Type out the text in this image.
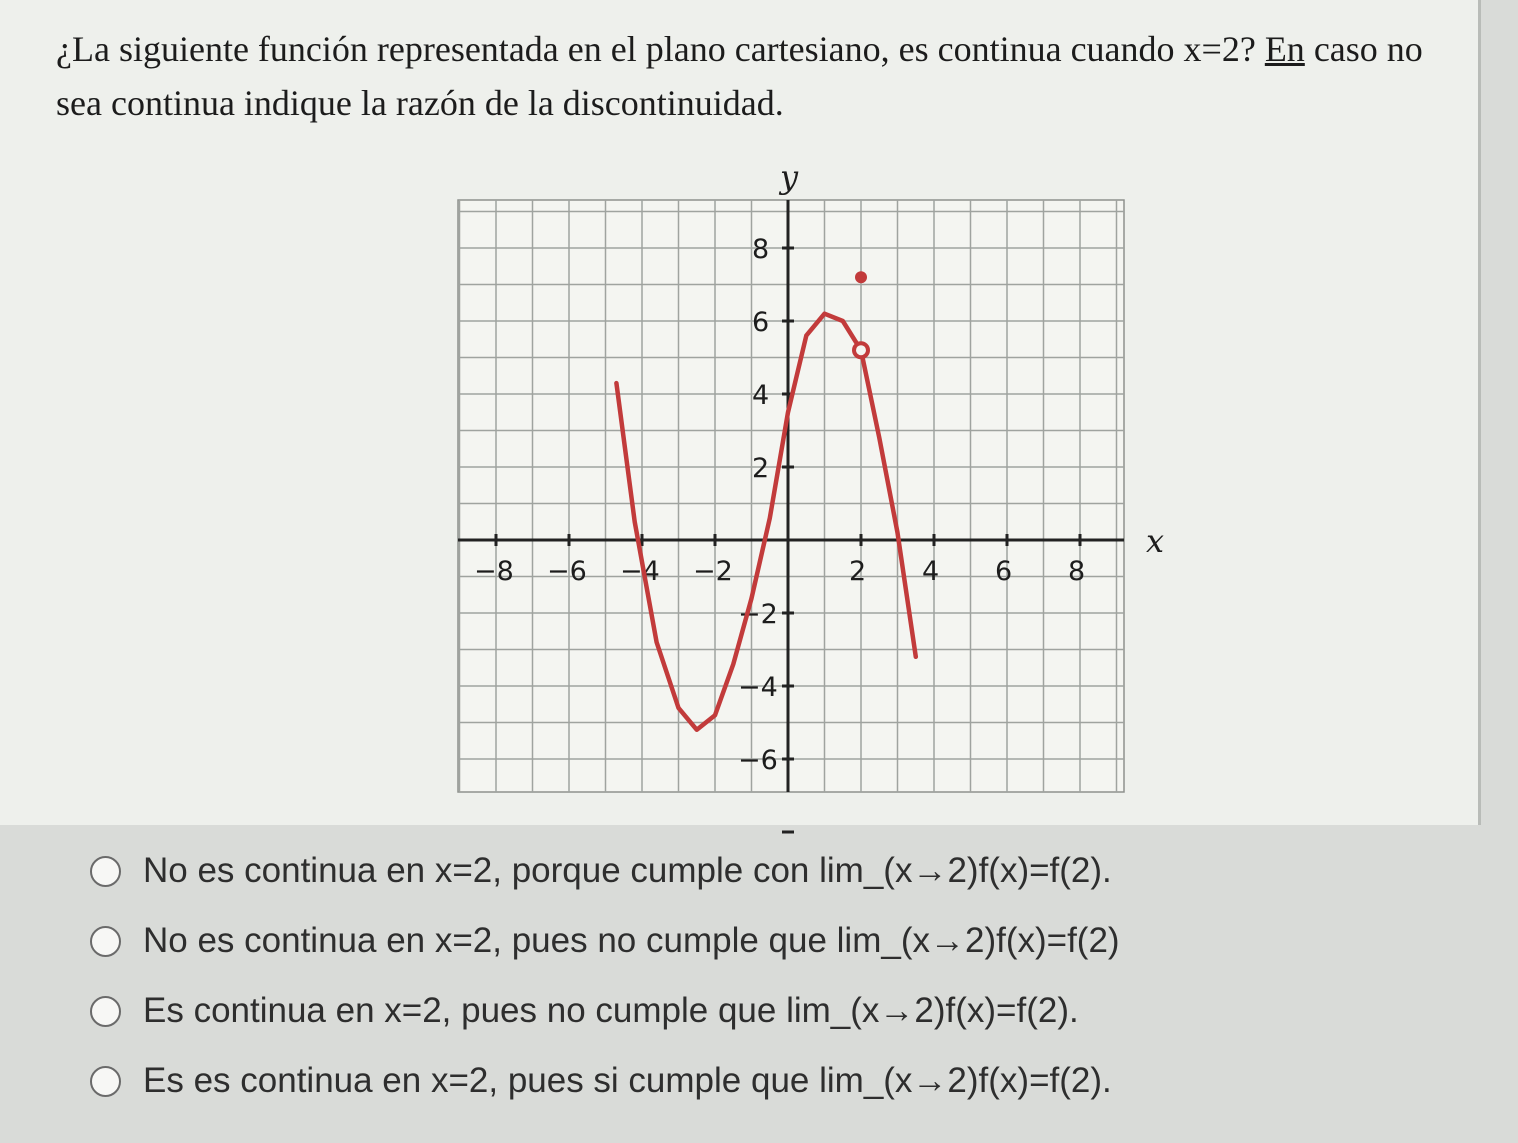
¿La siguiente función representada en el plano cartesiano, es continua cuando x=2? En caso no sea continua indique la razón de la discontinuidad.

−8 −6 −4 −2	2 4 6 8
8
6
4
2
−2
−4
−6
x
y
No es continua en x=2, porque cumple con lim_(x→2)f(x)=f(2).
No es continua en x=2, pues no cumple que lim_(x→2)f(x)=f(2)
Es continua en x=2, pues no cumple que lim_(x→2)f(x)=f(2).
Es es continua en x=2, pues si cumple que lim_(x→2)f(x)=f(2).
